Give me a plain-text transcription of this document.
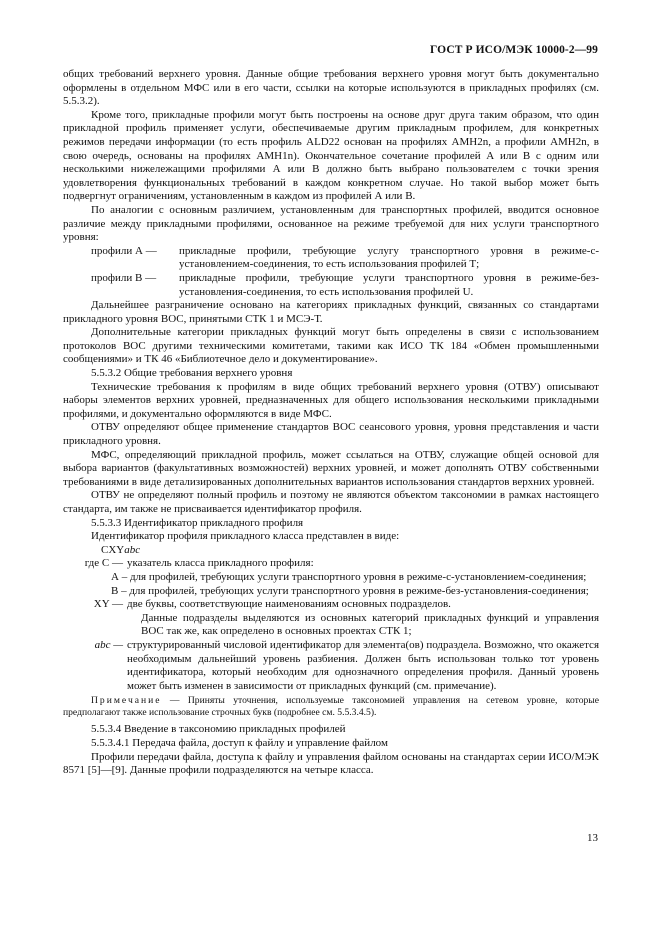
ГОСТ Р ИСО/МЭК 10000-2—99

общих требований верхнего уровня. Данные общие требования верхнего уровня могут быть документально оформлены в отдельном МФС или в его части, ссылки на которые используются в прикладных профилях (см. 5.5.3.2).

Кроме того, прикладные профили могут быть построены на основе друг друга таким образом, что один прикладной профиль применяет услуги, обеспечиваемые другим прикладным профилем, для конкретных режимов передачи информации (то есть профиль ALD22 основан на профилях AMH2n, а профили AMH2n, в свою очередь, основаны на профилях AMH1n). Окончательное сочетание профилей А или В с одним или несколькими нижележащими профилями А или В должно быть выбрано пользователем с точки зрения удовлетворения функциональных требований в каждом конкретном случае. Но такой выбор может быть подвергнут ограничениям, установленным в каждом из профилей А или В.

По аналогии с основным различием, установленным для транспортных профилей, вводится основное различие между прикладными профилями, основанное на режиме требуемой для них услуги транспортного уровня:

профили А —	прикладные профили, требующие услугу транспортного уровня в режиме-с-установлением-соединения, то есть использования профилей Т;
профили В —	прикладные профили, требующие услуги транспортного уровня в режиме-без-установления-соединения, то есть использования профилей U.

Дальнейшее разграничение основано на категориях прикладных функций, связанных со стандартами прикладного уровня ВОС, принятыми СТК 1 и МСЭ-Т.

Дополнительные категории прикладных функций могут быть определены в связи с использованием протоколов ВОС другими техническими комитетами, такими как ИСО ТК 184 «Обмен промышленными сообщениями» и ТК 46 «Библиотечное дело и документирование».

5.5.3.2 Общие требования верхнего уровня

Технические требования к профилям в виде общих требований верхнего уровня (ОТВУ) описывают наборы элементов верхних уровней, предназначенных для общего использования несколькими прикладными профилями, и документально оформляются в виде МФС.

ОТВУ определяют общее применение стандартов ВОС сеансового уровня, уровня представления и части прикладного уровня.

МФС, определяющий прикладной профиль, может ссылаться на ОТВУ, служащие общей основой для выбора вариантов (факультативных возможностей) верхних уровней, и может дополнять ОТВУ собственными требованиями в виде детализированных дополнительных вариантов использования стандартов верхних уровней.

ОТВУ не определяют полный профиль и поэтому не являются объектом таксономии в рамках настоящего стандарта, им также не присваивается идентификатор профиля.

5.5.3.3 Идентификатор прикладного профиля

Идентификатор профиля прикладного класса представлен в виде:

CXYabc

где С — указатель класса прикладного профиля:

А – для профилей, требующих услуги транспортного уровня в режиме-с-установлением-соединения;

В – для профилей, требующих услуги транспортного уровня в режиме-без-установления-соединения;

XY — две буквы, соответствующие наименованиям основных подразделов.

Данные подразделы выделяются из основных категорий прикладных функций и управления ВОС так же, как определено в основных проектах СТК 1;

abc — структурированный числовой идентификатор для элемента(ов) подраздела. Возможно, что окажется необходимым дальнейший уровень разбиения. Должен быть использован только тот уровень идентификатора, который необходим для однозначного определения профиля. Данный уровень может быть изменен в зависимости от прикладных функций (см. примечание).

Примечание — Приняты уточнения, используемые таксономией управления на сетевом уровне, которые предполагают также использование строчных букв (подробнее см. 5.5.3.4.5).

5.5.3.4 Введение в таксономию прикладных профилей

5.5.3.4.1 Передача файла, доступ к файлу и управление файлом

Профили передачи файла, доступа к файлу и управления файлом основаны на стандартах серии ИСО/МЭК 8571 [5]—[9]. Данные профили подразделяются на четыре класса.

13
